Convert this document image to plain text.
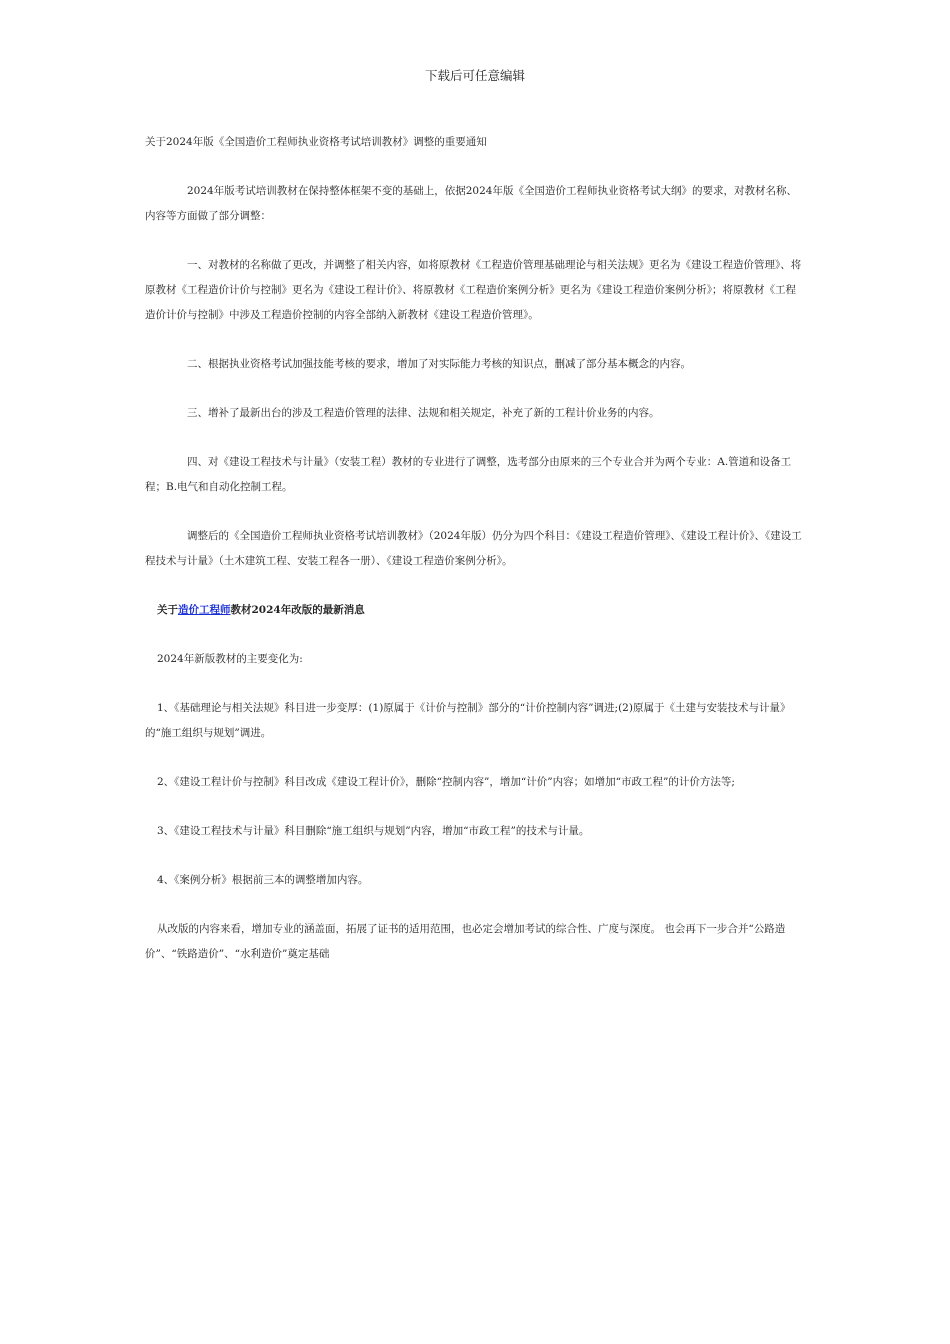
下载后可任意编辑

关于2024年版《全国造价工程师执业资格考试培训教材》调整的重要通知

2024年版考试培训教材在保持整体框架不变的基础上，依据2024年版《全国造价工程师执业资格考试大纲》的要求，对教材名称、内容等方面做了部分调整：

一、对教材的名称做了更改，并调整了相关内容，如将原教材《工程造价管理基础理论与相关法规》更名为《建设工程造价管理》、将原教材《工程造价计价与控制》更名为《建设工程计价》、将原教材《工程造价案例分析》更名为《建设工程造价案例分析》；将原教材《工程造价计价与控制》中涉及工程造价控制的内容全部纳入新教材《建设工程造价管理》。

二、根据执业资格考试加强技能考核的要求，增加了对实际能力考核的知识点，删减了部分基本概念的内容。

三、增补了最新出台的涉及工程造价管理的法律、法规和相关规定，补充了新的工程计价业务的内容。

四、对《建设工程技术与计量》（安装工程）教材的专业进行了调整，选考部分由原来的三个专业合并为两个专业：A.管道和设备工程；B.电气和自动化控制工程。

调整后的《全国造价工程师执业资格考试培训教材》（2024年版）仍分为四个科目：《建设工程造价管理》、《建设工程计价》、《建设工程技术与计量》（土木建筑工程、安装工程各一册）、《建设工程造价案例分析》。

关于造价工程师教材2024年改版的最新消息

2024年新版教材的主要变化为:

1、《基础理论与相关法规》科目进一步变厚：(1)原属于《计价与控制》部分的“计价控制内容”调进;(2)原属于《土建与安装技术与计量》的“施工组织与规划”调进。

2、《建设工程计价与控制》科目改成《建设工程计价》，删除“控制内容”，增加“计价”内容；如增加“市政工程”的计价方法等;

3、《建设工程技术与计量》科目删除“施工组织与规划”内容，增加“市政工程”的技术与计量。

4、《案例分析》根据前三本的调整增加内容。

从改版的内容来看，增加专业的涵盖面，拓展了证书的适用范围，也必定会增加考试的综合性、广度与深度。 也会再下一步合并“公路造价”、“铁路造价”、“水利造价”奠定基础
